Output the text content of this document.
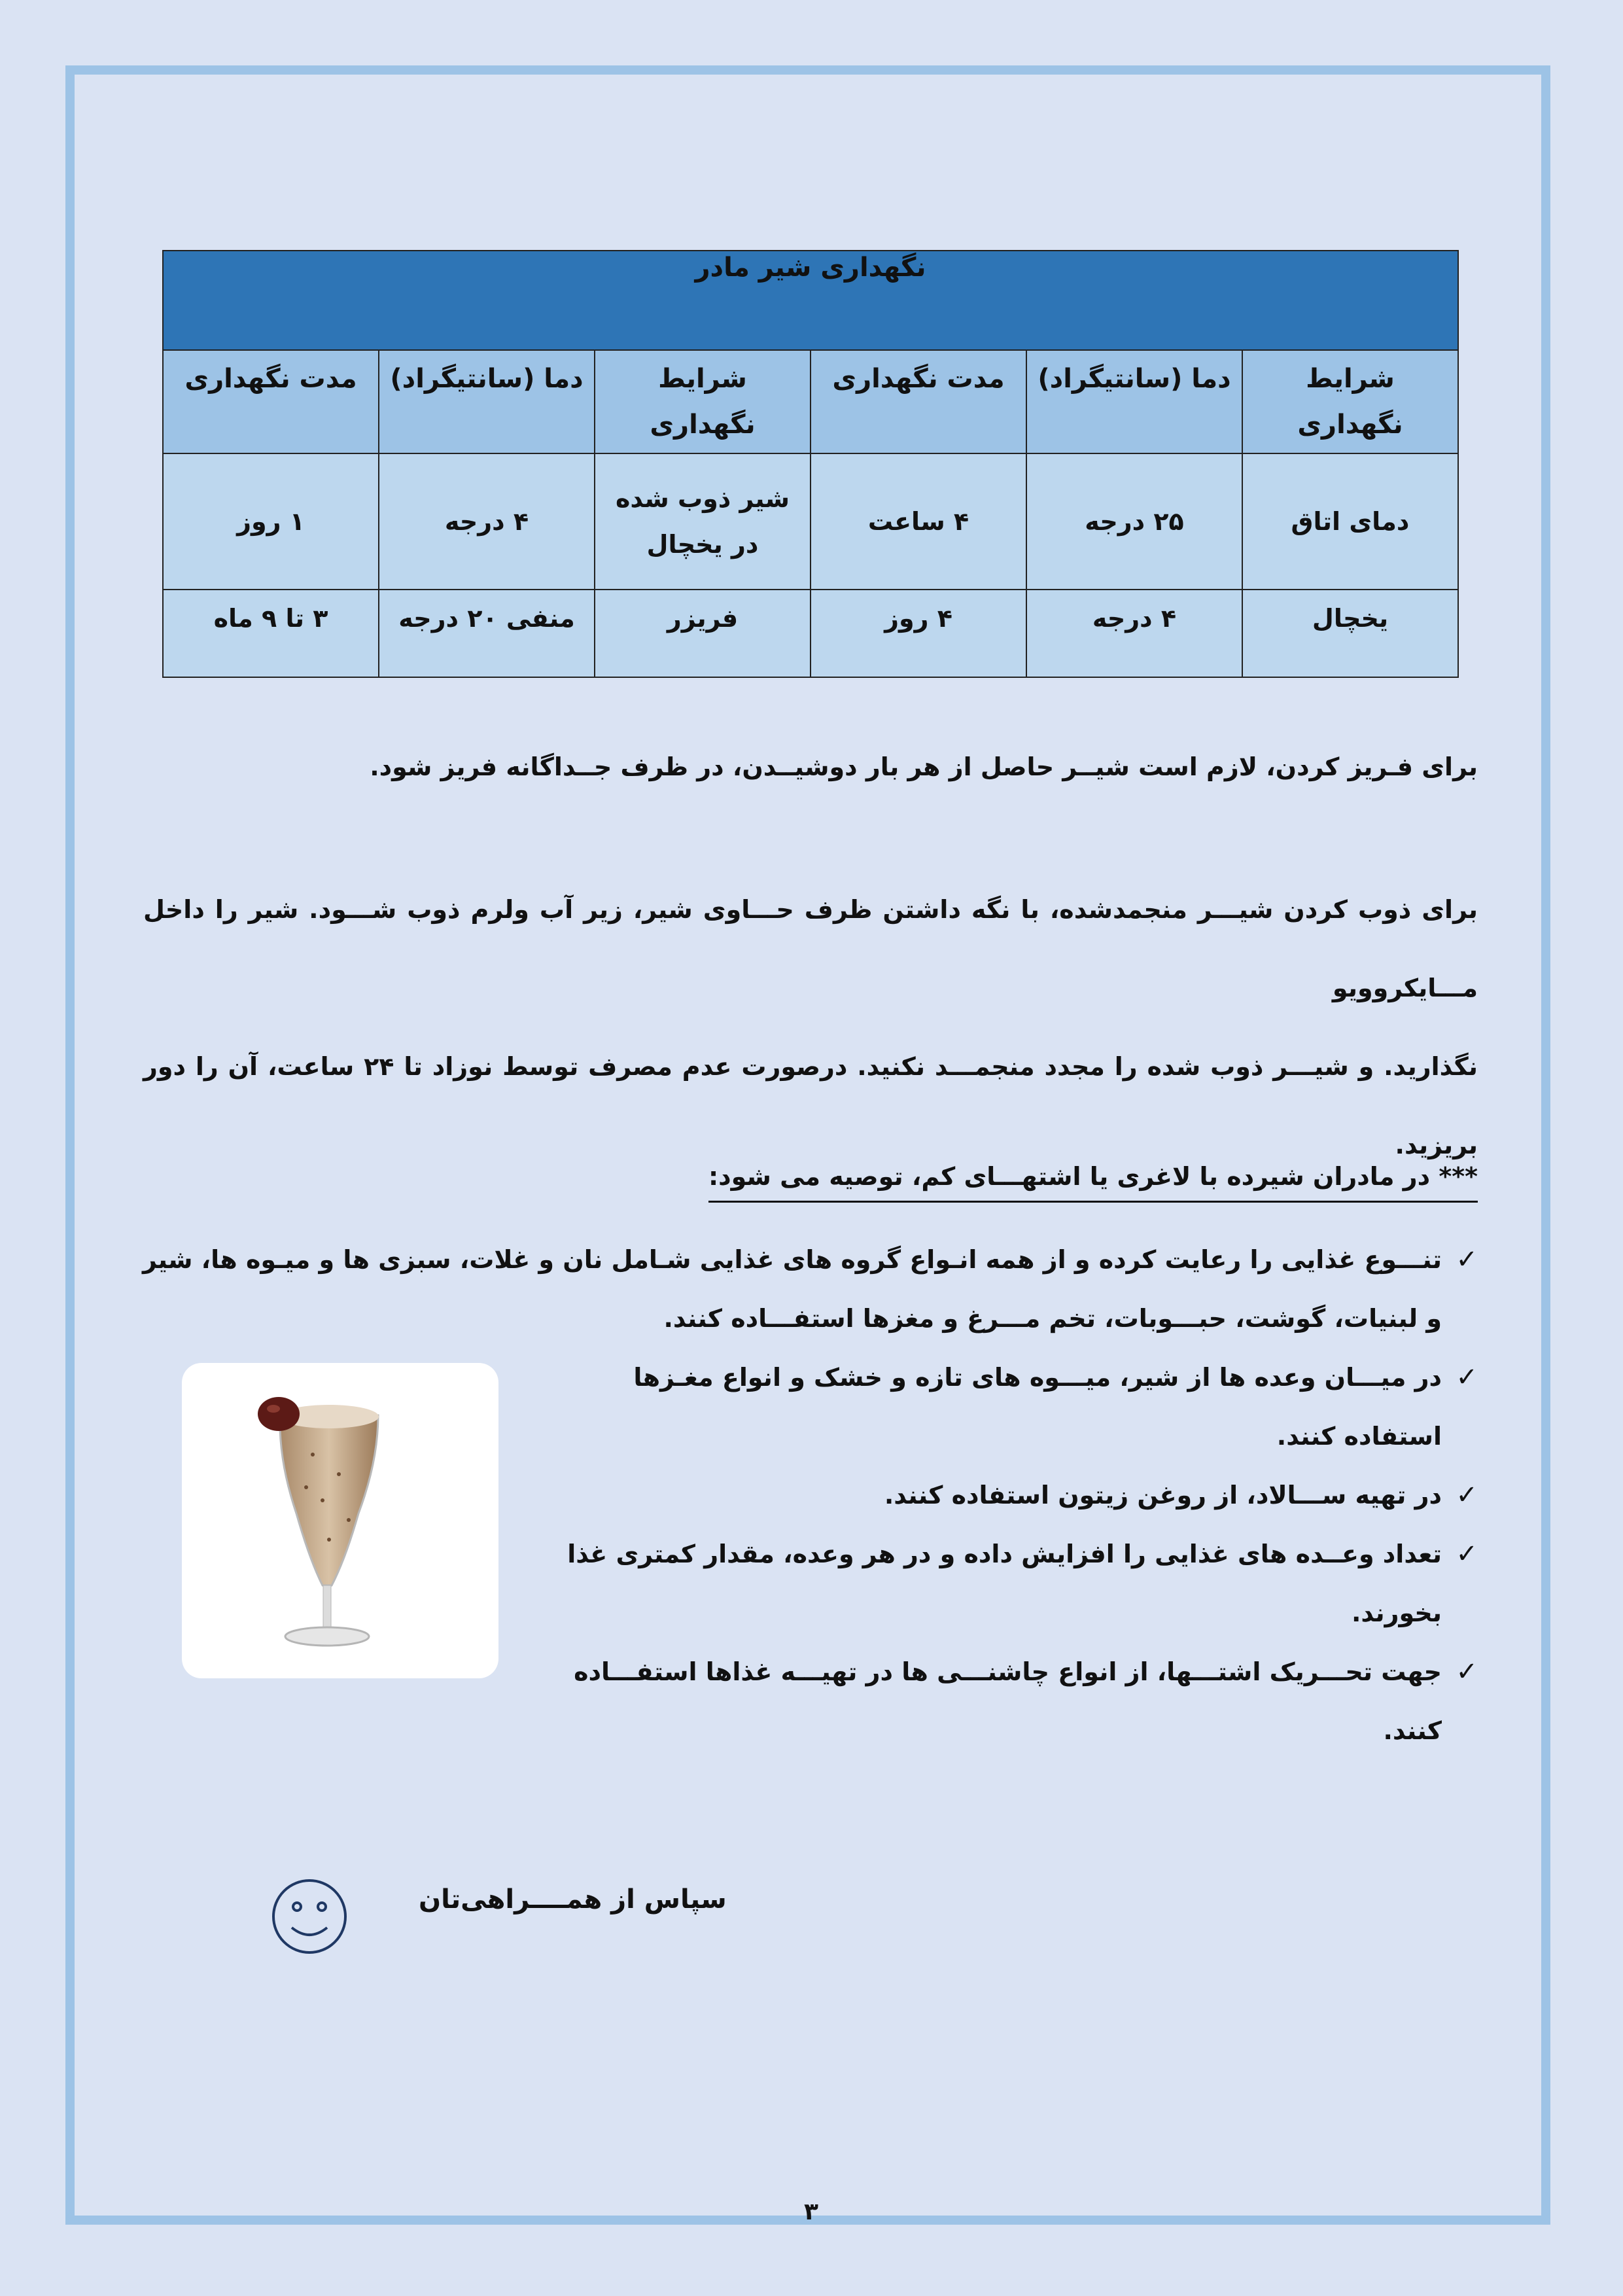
نگهداری شیر مادر					

شرایط نگهداری	دما (سانتیگراد)	مدت نگهداری	شرایط نگهداری	دما (سانتیگراد)	مدت نگهداری
دمای اتاق	۲۵ درجه	۴ ساعت	شیر ذوب شده در یخچال	۴ درجه	۱ روز
یخچال	۴ درجه	۴ روز	فریزر	منفی ۲۰ درجه	۳ تا ۹ ماه
برای فـریز کردن، لازم است شیــر حاصل از هر بار دوشیــدن، در ظرف جــداگانه فریز شود.
برای ذوب کردن شیـــر منجمدشده، با نگه داشتن ظرف حـــاوی شیر، زیر آب ولرم ذوب شـــود. شیر را داخل مـــایکروویو
نگذارید. و شیـــر ذوب شده را مجدد منجمـــد نکنید. درصورت عدم مصرف توسط نوزاد تا ۲۴ ساعت، آن را دور بریزید.
*** در مادران شیرده با لاغری یا اشتهـــای کم، توصیه می شود:
✓
تنـــوع غذایی را رعایت کرده و از همه انـواع گروه های غذایی شـامل نان و غلات، سبزی ها و میـوه ها، شیر و لبنیات، گوشت، حبـــوبات، تخم مـــرغ و مغزها استفـــاده کنند.
✓
در میـــان وعده ها از شیر، میـــوه های تازه و خشک و انواع مغـزها استفاده کنند.
✓
در تهیه ســـالاد، از روغن زیتون استفاده کنند.
✓
تعداد وعــده های غذایی را افزایش داده و در هر وعده، مقدار کمتری غذا بخورند.
✓
جهت تحـــریک اشتـــها، از انواع چاشنـــی ها در تهیـــه غذاها استفـــاده کنند.
سپاس از همــــراهی‌تان
۳
